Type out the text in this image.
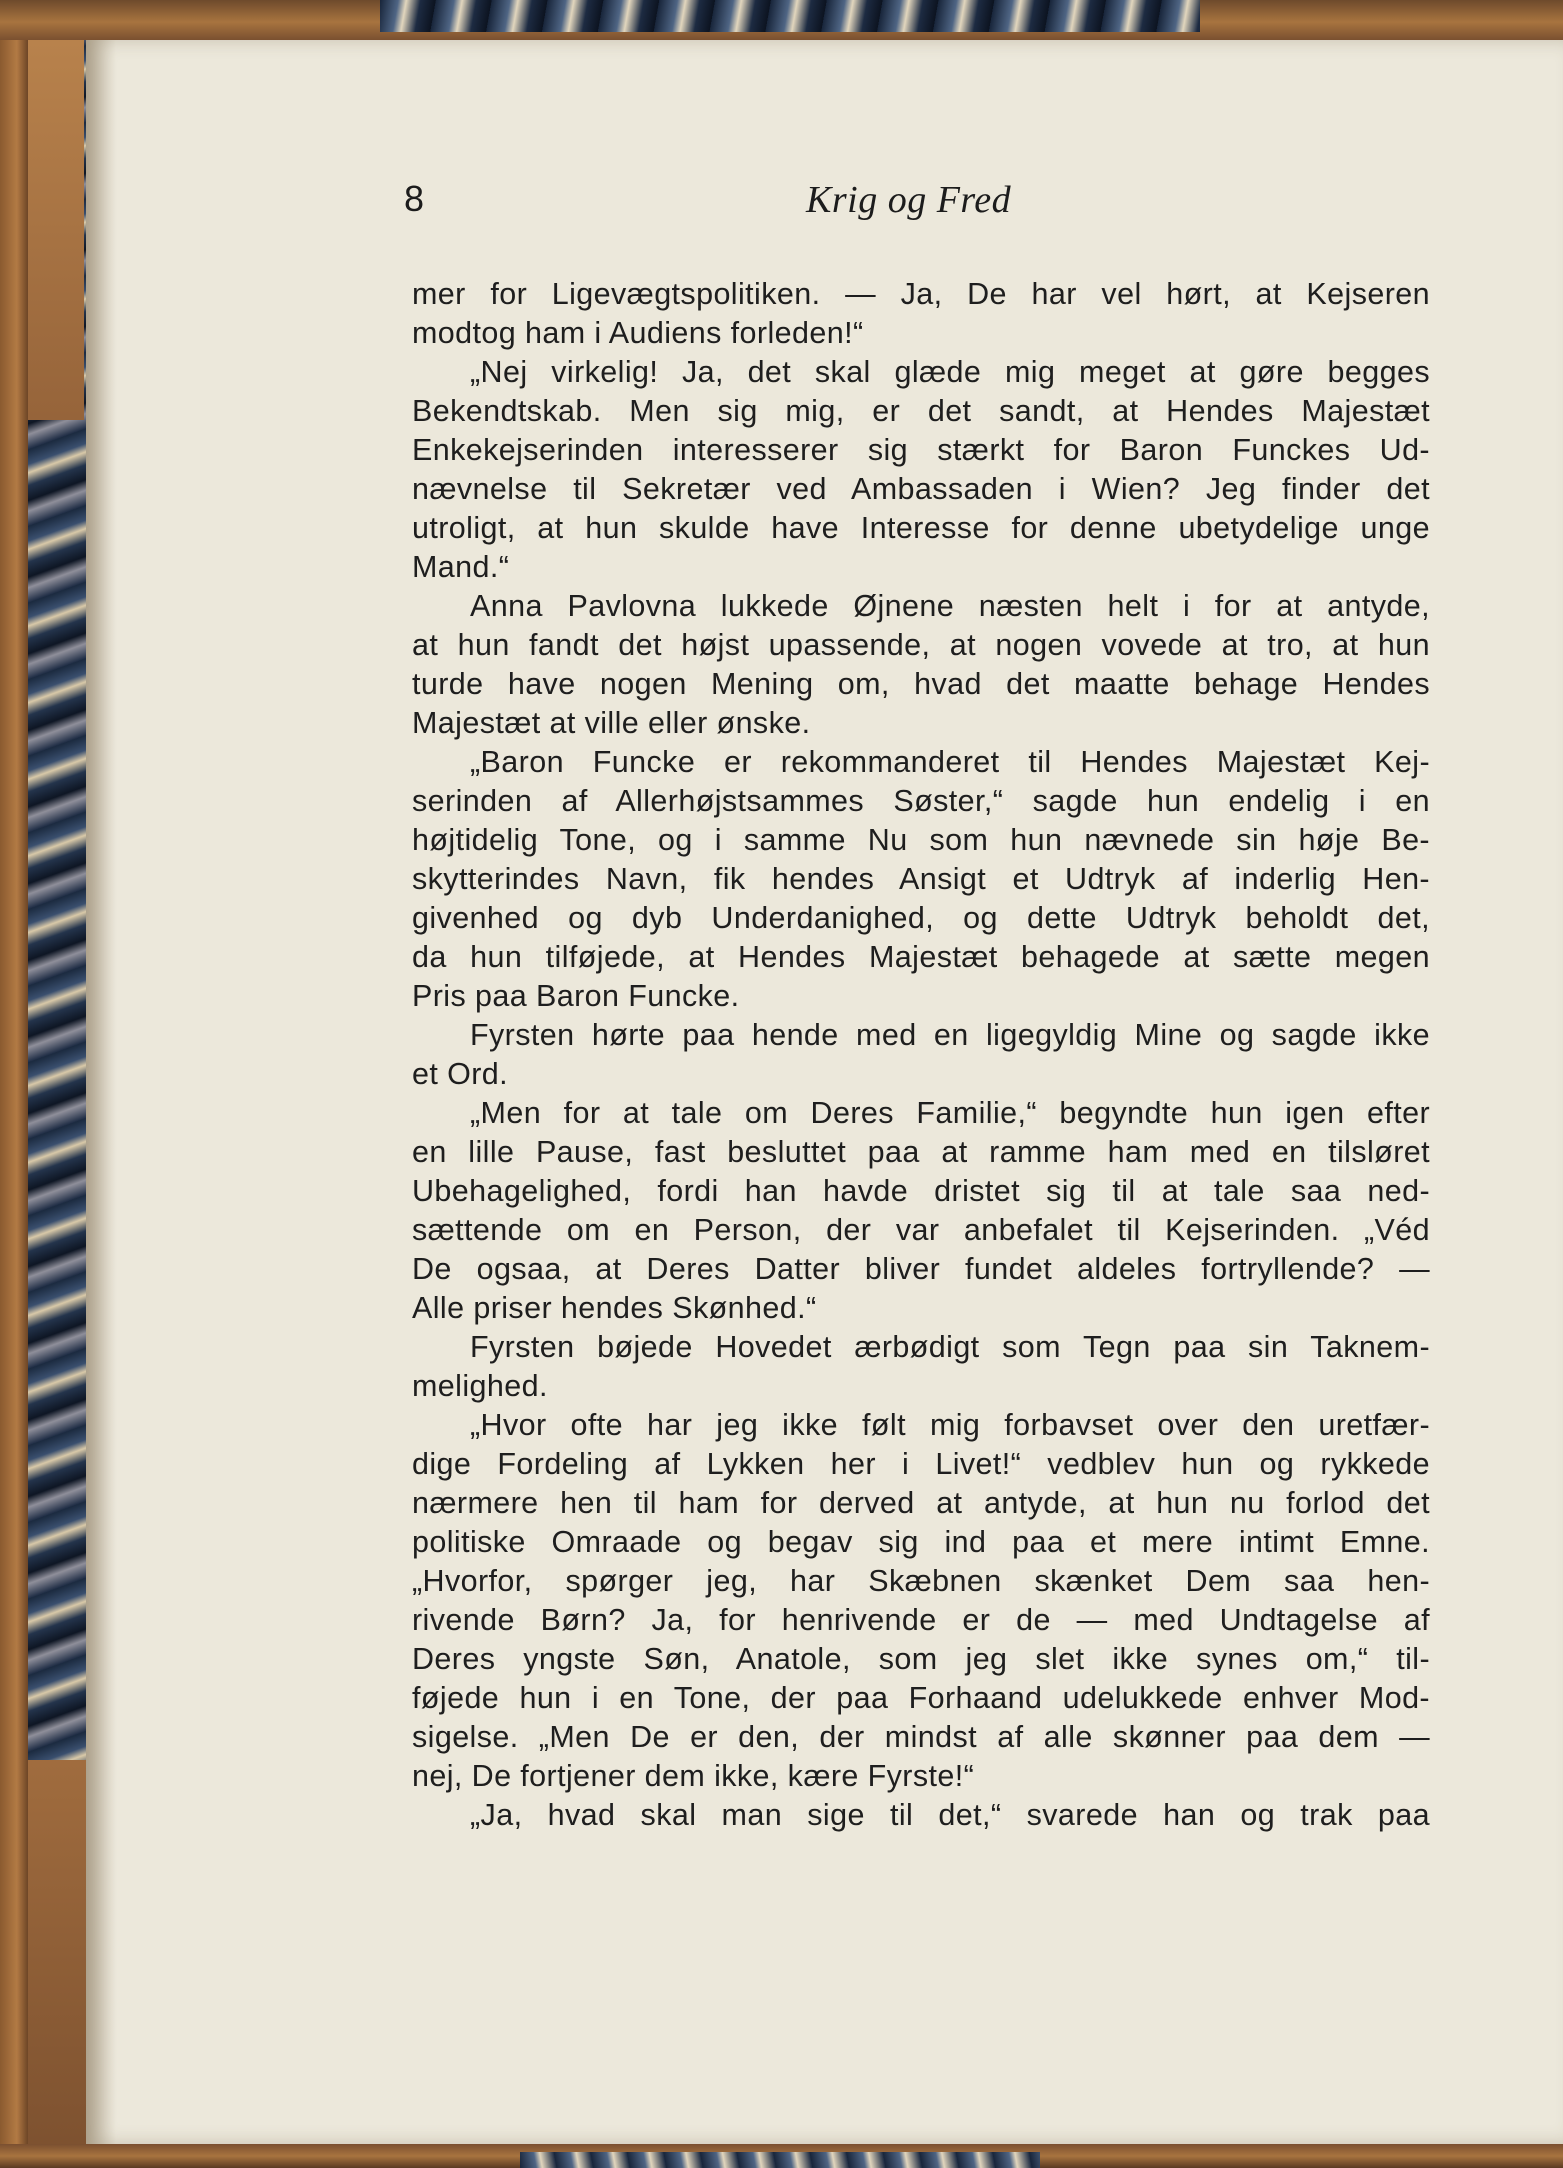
8	Krig og Fred
mer for Ligevægtspolitiken. — Ja, De har vel hørt, at Kejseren
modtog ham i Audiens forleden!“
„Nej virkelig! Ja, det skal glæde mig meget at gøre begges
Bekendtskab. Men sig mig, er det sandt, at Hendes Majestæt
Enkekejserinden interesserer sig stærkt for Baron Funckes Ud-
nævnelse til Sekretær ved Ambassaden i Wien? Jeg finder det
utroligt, at hun skulde have Interesse for denne ubetydelige unge
Mand.“
Anna Pavlovna lukkede Øjnene næsten helt i for at antyde,
at hun fandt det højst upassende, at nogen vovede at tro, at hun
turde have nogen Mening om, hvad det maatte behage Hendes
Majestæt at ville eller ønske.
„Baron Funcke er rekommanderet til Hendes Majestæt Kej-
serinden af Allerhøjstsammes Søster,“ sagde hun endelig i en
højtidelig Tone, og i samme Nu som hun nævnede sin høje Be-
skytterindes Navn, fik hendes Ansigt et Udtryk af inderlig Hen-
givenhed og dyb Underdanighed, og dette Udtryk beholdt det,
da hun tilføjede, at Hendes Majestæt behagede at sætte megen
Pris paa Baron Funcke.
Fyrsten hørte paa hende med en ligegyldig Mine og sagde ikke
et Ord.
„Men for at tale om Deres Familie,“ begyndte hun igen efter
en lille Pause, fast besluttet paa at ramme ham med en tilsløret
Ubehagelighed, fordi han havde dristet sig til at tale saa ned-
sættende om en Person, der var anbefalet til Kejserinden. „Véd
De ogsaa, at Deres Datter bliver fundet aldeles fortryllende? —
Alle priser hendes Skønhed.“
Fyrsten bøjede Hovedet ærbødigt som Tegn paa sin Taknem-
melighed.
„Hvor ofte har jeg ikke følt mig forbavset over den uretfær-
dige Fordeling af Lykken her i Livet!“ vedblev hun og rykkede
nærmere hen til ham for derved at antyde, at hun nu forlod det
politiske Omraade og begav sig ind paa et mere intimt Emne.
„Hvorfor, spørger jeg, har Skæbnen skænket Dem saa hen-
rivende Børn? Ja, for henrivende er de — med Undtagelse af
Deres yngste Søn, Anatole, som jeg slet ikke synes om,“ til-
føjede hun i en Tone, der paa Forhaand udelukkede enhver Mod-
sigelse. „Men De er den, der mindst af alle skønner paa dem —
nej, De fortjener dem ikke, kære Fyrste!“
„Ja, hvad skal man sige til det,“ svarede han og trak paa
